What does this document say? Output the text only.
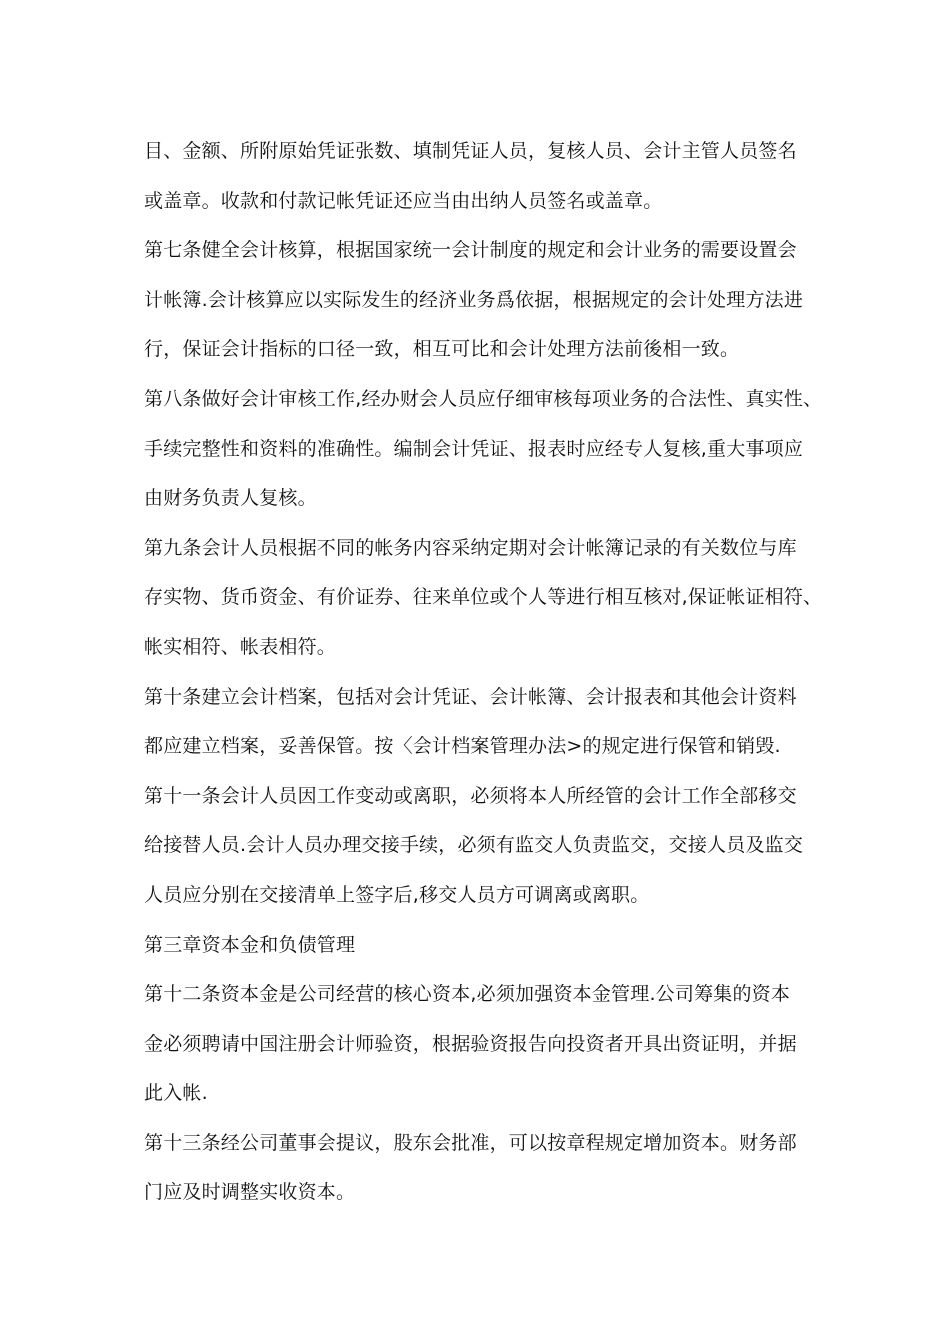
目、金额、所附原始凭证张数、填制凭证人员，复核人员、会计主管人员签名
或盖章。收款和付款记帐凭证还应当由出纳人员签名或盖章。
第七条健全会计核算，根据国家统一会计制度的规定和会计业务的需要设置会
计帐簿.会计核算应以实际发生的经济业务爲依据，根据规定的会计处理方法进
行，保证会计指标的口径一致，相互可比和会计处理方法前後相一致。
第八条做好会计审核工作,经办财会人员应仔细审核每项业务的合法性、真实性、
手续完整性和资料的准确性。编制会计凭证、报表时应经专人复核,重大事项应
由财务负责人复核。
第九条会计人员根据不同的帐务内容采纳定期对会计帐簿记录的有关数位与库
存实物、货币资金、有价证券、往来单位或个人等进行相互核对,保证帐证相符、
帐实相符、帐表相符。
第十条建立会计档案，包括对会计凭证、会计帐簿、会计报表和其他会计资料
都应建立档案，妥善保管。按〈会计档案管理办法>的规定进行保管和销毁.
第十一条会计人员因工作变动或离职，必须将本人所经管的会计工作全部移交
给接替人员.会计人员办理交接手续，必须有监交人负责监交，交接人员及监交
人员应分别在交接清单上签字后,移交人员方可调离或离职。
第三章资本金和负债管理
第十二条资本金是公司经营的核心资本,必须加强资本金管理.公司筹集的资本
金必须聘请中国注册会计师验资，根据验资报告向投资者开具出资证明，并据
此入帐.
第十三条经公司董事会提议，股东会批准，可以按章程规定增加资本。财务部
门应及时调整实收资本。
